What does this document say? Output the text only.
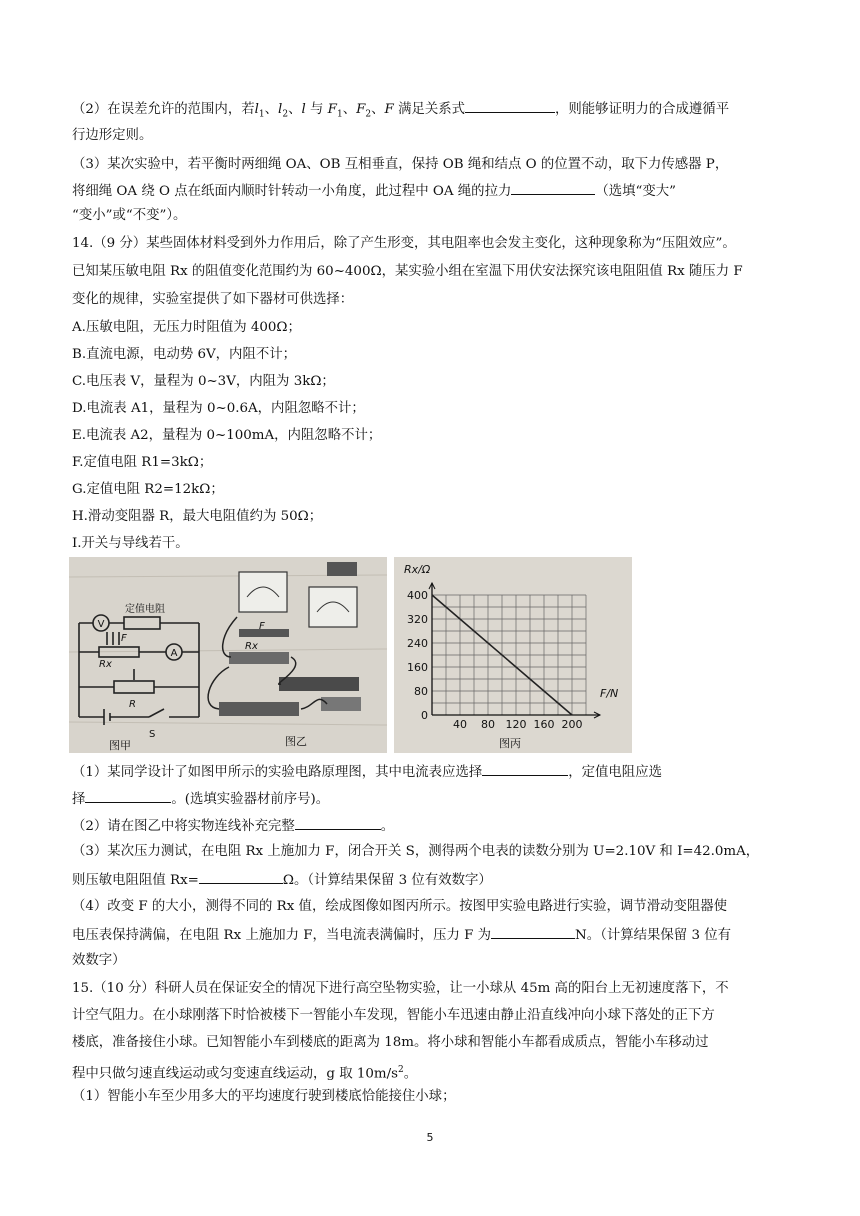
（2）在误差允许的范围内，若$l_1$、$l_2$、l 与 $F_1$、$F_2$、F 满足关系式	，则能够证明力的合成遵循平
行边形定则。
（3）某次实验中，若平衡时两细绳 OA、OB 互相垂直，保持 OB 绳和结点 O 的位置不动，取下力传感器 P，
将细绳 OA 绕 O 点在纸面内顺时针转动一小角度，此过程中 OA 绳的拉力	（选填“变大”
“变小”或“不变”）。
14.（9 分）某些固体材料受到外力作用后，除了产生形变，其电阻率也会发主变化，这种现象称为“压阻效应”。
已知某压敏电阻 Rx 的阻值变化范围约为 60~400Ω，某实验小组在室温下用伏安法探究该电阻阻值 Rx 随压力 F
变化的规律，实验室提供了如下器材可供选择：
A.压敏电阻，无压力时阻值为 400Ω；
B.直流电源，电动势 6V，内阻不计；
C.电压表 V，量程为 0~3V，内阻为 3kΩ；
D.电流表 A1，量程为 0~0.6A，内阻忽略不计；
E.电流表 A2，量程为 0~100mA，内阻忽略不计；
F.定值电阻 R1=3kΩ；
G.定值电阻 R2=12kΩ；
H.滑动变阻器 R，最大电阻值约为 50Ω；
I.开关与导线若干。
V
A
定值电阻
F
Rx
R
S
图甲
F
Rx
图乙
40 80 120 160 200
0
80
160
240
320
400
Rx/Ω
F/N
图丙
（1）某同学设计了如图甲所示的实验电路原理图，其中电流表应选择	，定值电阻应选
择	。(选填实验器材前序号)。
（2）请在图乙中将实物连线补充完整	。
（3）某次压力测试，在电阻 Rx 上施加力 F，闭合开关 S，测得两个电表的读数分别为 U=2.10V 和 I=42.0mA，
则压敏电阻阻值 Rx=	Ω。（计算结果保留 3 位有效数字）
（4）改变 F 的大小，测得不同的 Rx 值，绘成图像如图丙所示。按图甲实验电路进行实验，调节滑动变阻器使
电压表保持满偏，在电阻 Rx 上施加力 F，当电流表满偏时，压力 F 为	N。（计算结果保留 3 位有
效数字）
15.（10 分）科研人员在保证安全的情况下进行高空坠物实验，让一小球从 45m 高的阳台上无初速度落下，不
计空气阻力。在小球刚落下时恰被楼下一智能小车发现，智能小车迅速由静止沿直线冲向小球下落处的正下方
楼底，准备接住小球。已知智能小车到楼底的距离为 18m。将小球和智能小车都看成质点，智能小车移动过
程中只做匀速直线运动或匀变速直线运动，g 取 $10m/s^2$。
（1）智能小车至少用多大的平均速度行驶到楼底恰能接住小球；
5
